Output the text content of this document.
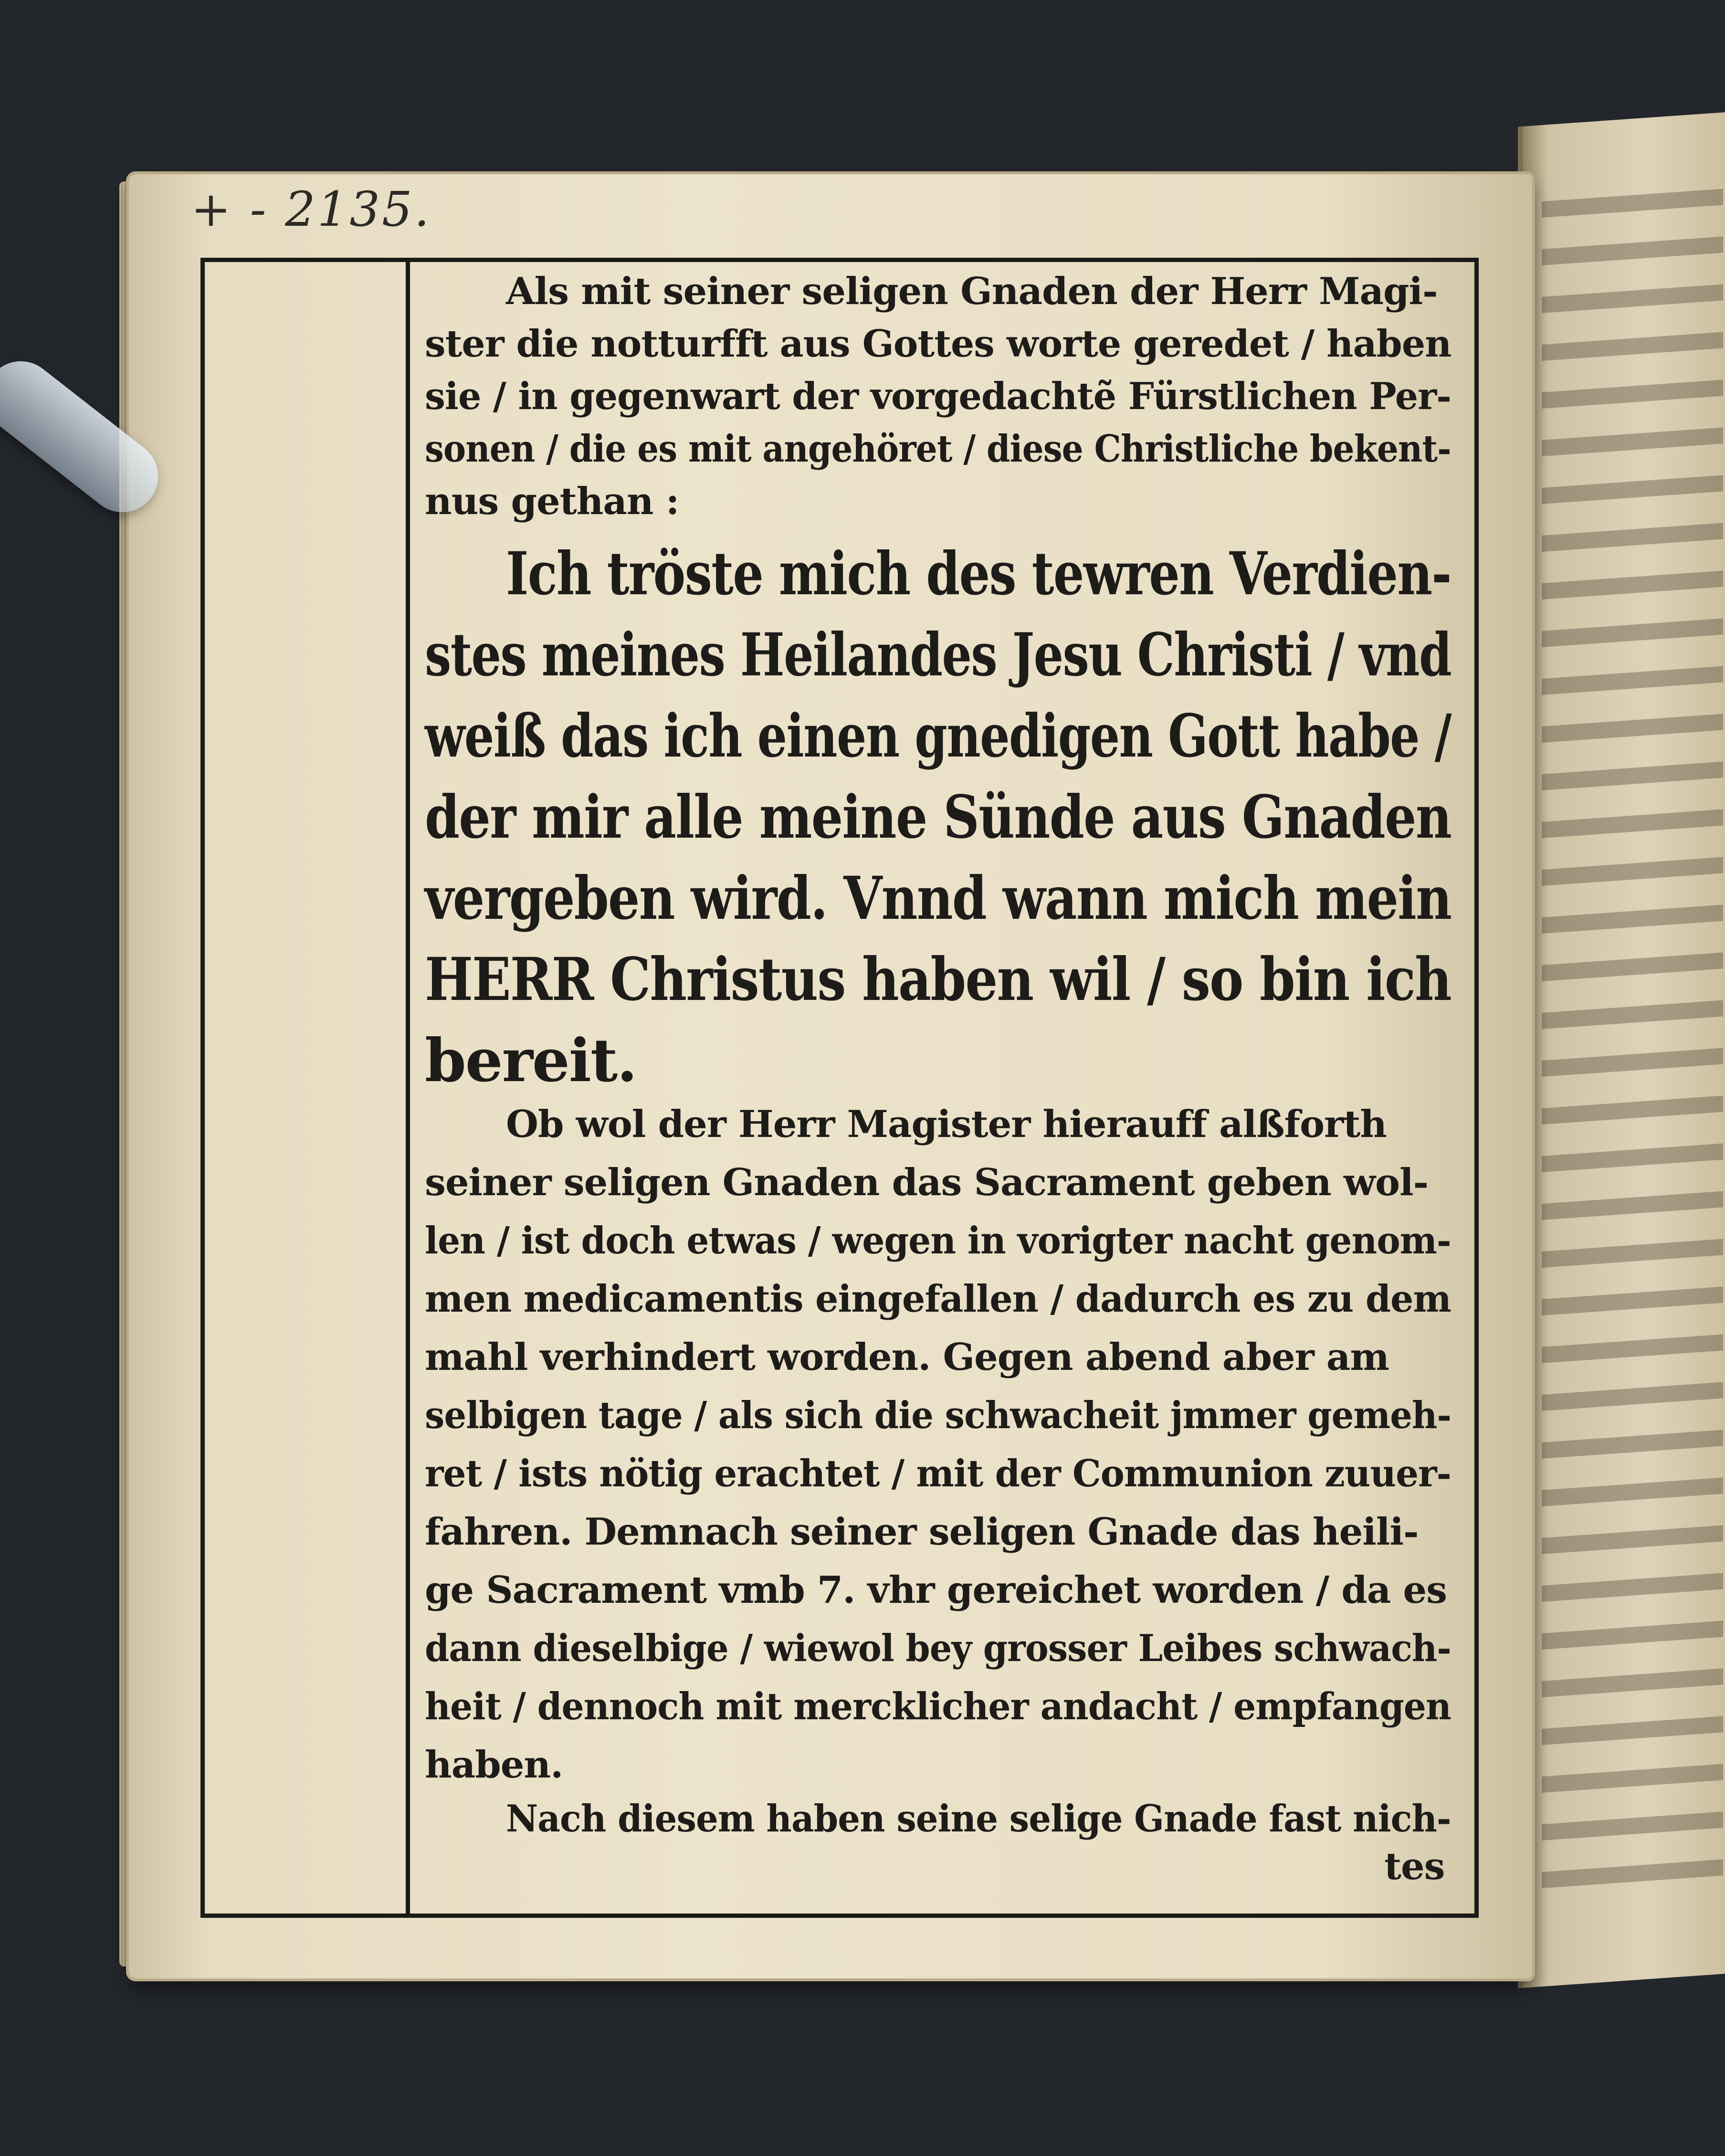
+ - 2135.
Als mit seiner seligen Gnaden der Herr Magi-
ster die notturfft aus Gottes worte geredet / haben
sie / in gegenwart der vorgedachtẽ Fürstlichen Per-
sonen / die es mit angehöret / diese Christliche bekent-
nus gethan :
Ich tröste mich des tewren Verdien-
stes meines Heilandes Jesu Christi / vnd
weiß das ich einen gnedigen Gott habe /
der mir alle meine Sünde aus Gnaden
vergeben wird. Vnnd wann mich mein
HERR Christus haben wil / so bin ich
bereit.
Ob wol der Herr Magister hierauff alßforth
seiner seligen Gnaden das Sacrament geben wol-
len / ist doch etwas / wegen in vorigter nacht genom-
men medicamentis eingefallen / dadurch es zu dem
mahl verhindert worden. Gegen abend aber am
selbigen tage / als sich die schwacheit jmmer gemeh-
ret / ists nötig erachtet / mit der Communion zuuer-
fahren. Demnach seiner seligen Gnade das heili-
ge Sacrament vmb 7. vhr gereichet worden / da es
dann dieselbige / wiewol bey grosser Leibes schwach-
heit / dennoch mit mercklicher andacht / empfangen
haben.
Nach diesem haben seine selige Gnade fast nich-
tes
